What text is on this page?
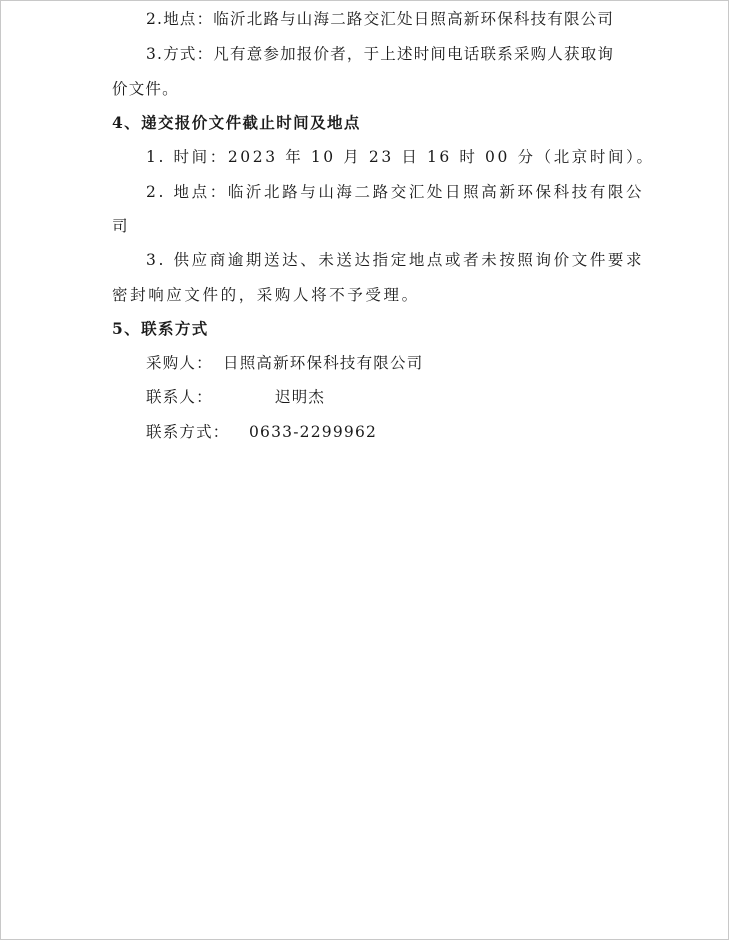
2.地点：临沂北路与山海二路交汇处日照高新环保科技有限公司
3.方式：凡有意参加报价者，于上述时间电话联系采购人获取询
价文件。
4、递交报价文件截止时间及地点
1. 时间：2023 年 10 月 23 日 16 时 00 分（北京时间）。
2. 地点：临沂北路与山海二路交汇处日照高新环保科技有限公
司
3. 供应商逾期送达、未送达指定地点或者未按照询价文件要求
密封响应文件的，采购人将不予受理。
5、联系方式
采购人： 日照高新环保科技有限公司
联系人：	迟明杰
联系方式： 0633-2299962
